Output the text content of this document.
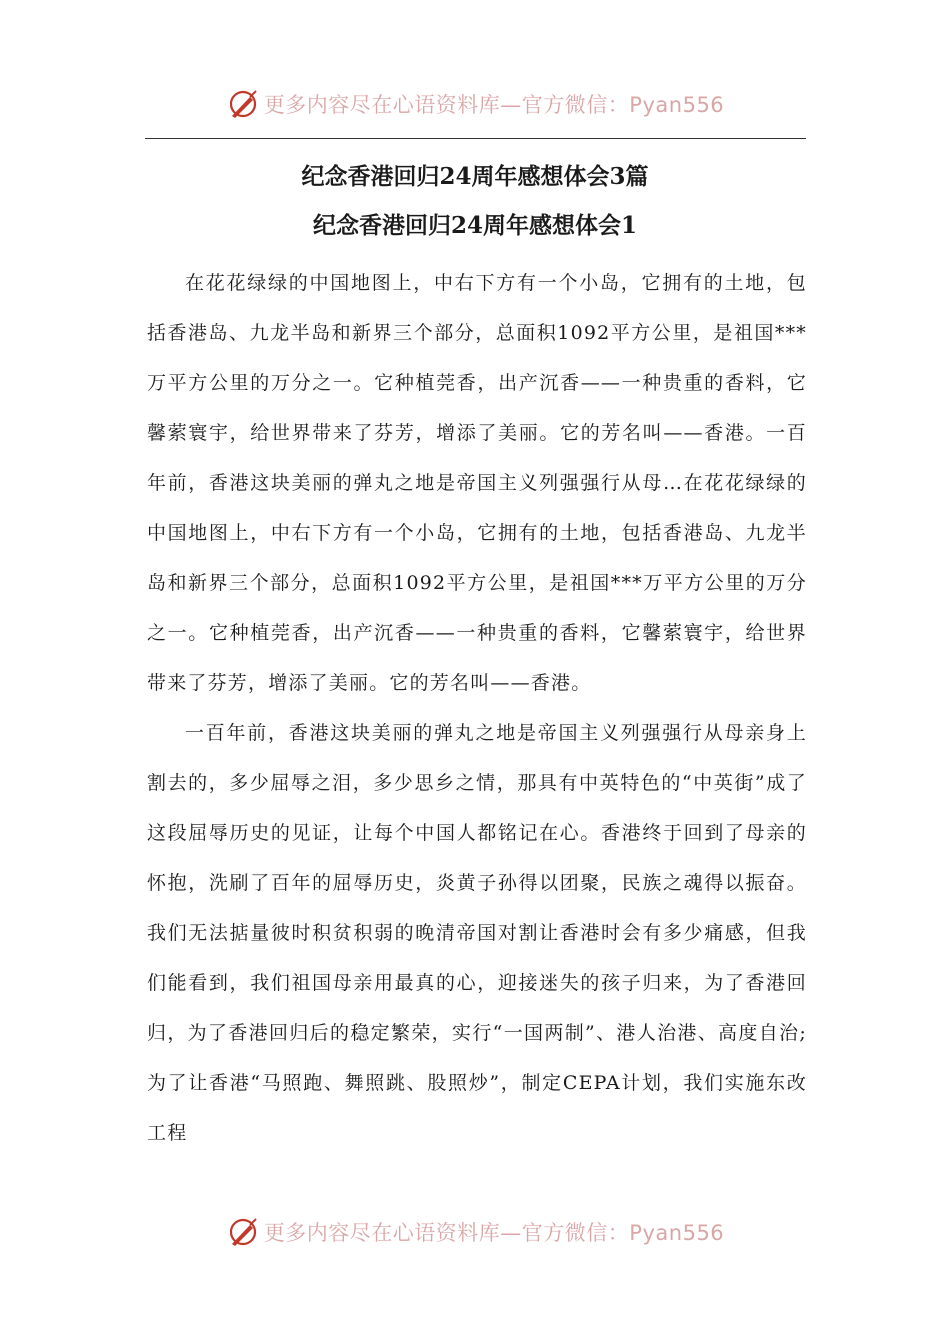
更多内容尽在心语资料库—官方微信：Pyan556
纪念香港回归24周年感想体会3篇
纪念香港回归24周年感想体会1

在花花绿绿的中国地图上，中右下方有一个小岛，它拥有的土地，包括香港岛、九龙半岛和新界三个部分，总面积1092平方公里，是祖国***万平方公里的万分之一。它种植莞香，出产沉香——一种贵重的香料，它馨萦寰宇，给世界带来了芬芳，增添了美丽。它的芳名叫——香港。一百年前，香港这块美丽的弹丸之地是帝国主义列强强行从母…在花花绿绿的中国地图上，中右下方有一个小岛，它拥有的土地，包括香港岛、九龙半岛和新界三个部分，总面积1092平方公里，是祖国***万平方公里的万分之一。它种植莞香，出产沉香——一种贵重的香料，它馨萦寰宇，给世界带来了芬芳，增添了美丽。它的芳名叫——香港。

一百年前，香港这块美丽的弹丸之地是帝国主义列强强行从母亲身上割去的，多少屈辱之泪，多少思乡之情，那具有中英特色的“中英街”成了这段屈辱历史的见证，让每个中国人都铭记在心。香港终于回到了母亲的怀抱，洗刷了百年的屈辱历史，炎黄子孙得以团聚，民族之魂得以振奋。我们无法掂量彼时积贫积弱的晚清帝国对割让香港时会有多少痛感，但我们能看到，我们祖国母亲用最真的心，迎接迷失的孩子归来，为了香港回归，为了香港回归后的稳定繁荣，实行“一国两制”、港人治港、高度自治;为了让香港“马照跑、舞照跳、股照炒”，制定CEPA计划，我们实施东改工程

更多内容尽在心语资料库—官方微信：Pyan556
